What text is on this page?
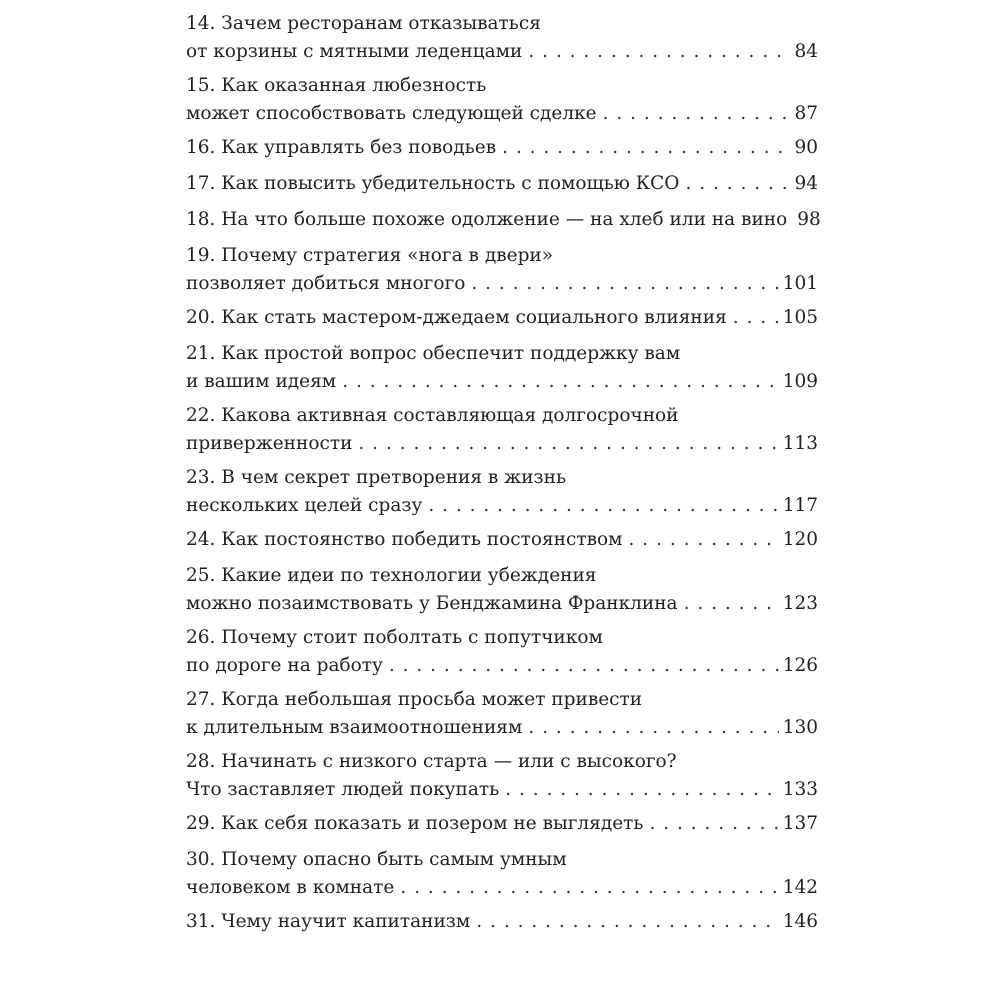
14. Зачем ресторанам отказываться
от корзины с мятными леденцами . . .	84
15. Как оказанная любезность
может способствовать следующей сделке . . .	87
16. Как управлять без поводьев . . .	90
17. Как повысить убедительность с помощью КСО . . .	94
18. На что больше похоже одолжение — на хлеб или на вино 98
19. Почему стратегия «нога в двери»
позволяет добиться многого . . .	101
20. Как стать мастером-джедаем социального влияния . . .	105
21. Как простой вопрос обеспечит поддержку вам
и вашим идеям . . .	109
22. Какова активная составляющая долгосрочной
приверженности . . .	113
23. В чем секрет претворения в жизнь
нескольких целей сразу . . .	117
24. Как постоянство победить постоянством . . .	120
25. Какие идеи по технологии убеждения
можно позаимствовать у Бенджамина Франклина . . .	123
26. Почему стоит поболтать с попутчиком
по дороге на работу . . .	126
27. Когда небольшая просьба может привести
к длительным взаимоотношениям . . .	130
28. Начинать с низкого старта — или с высокого?
Что заставляет людей покупать . . .	133
29. Как себя показать и позером не выглядеть . . .	137
30. Почему опасно быть самым умным
человеком в комнате . . .	142
31. Чему научит капитанизм . . .	146
